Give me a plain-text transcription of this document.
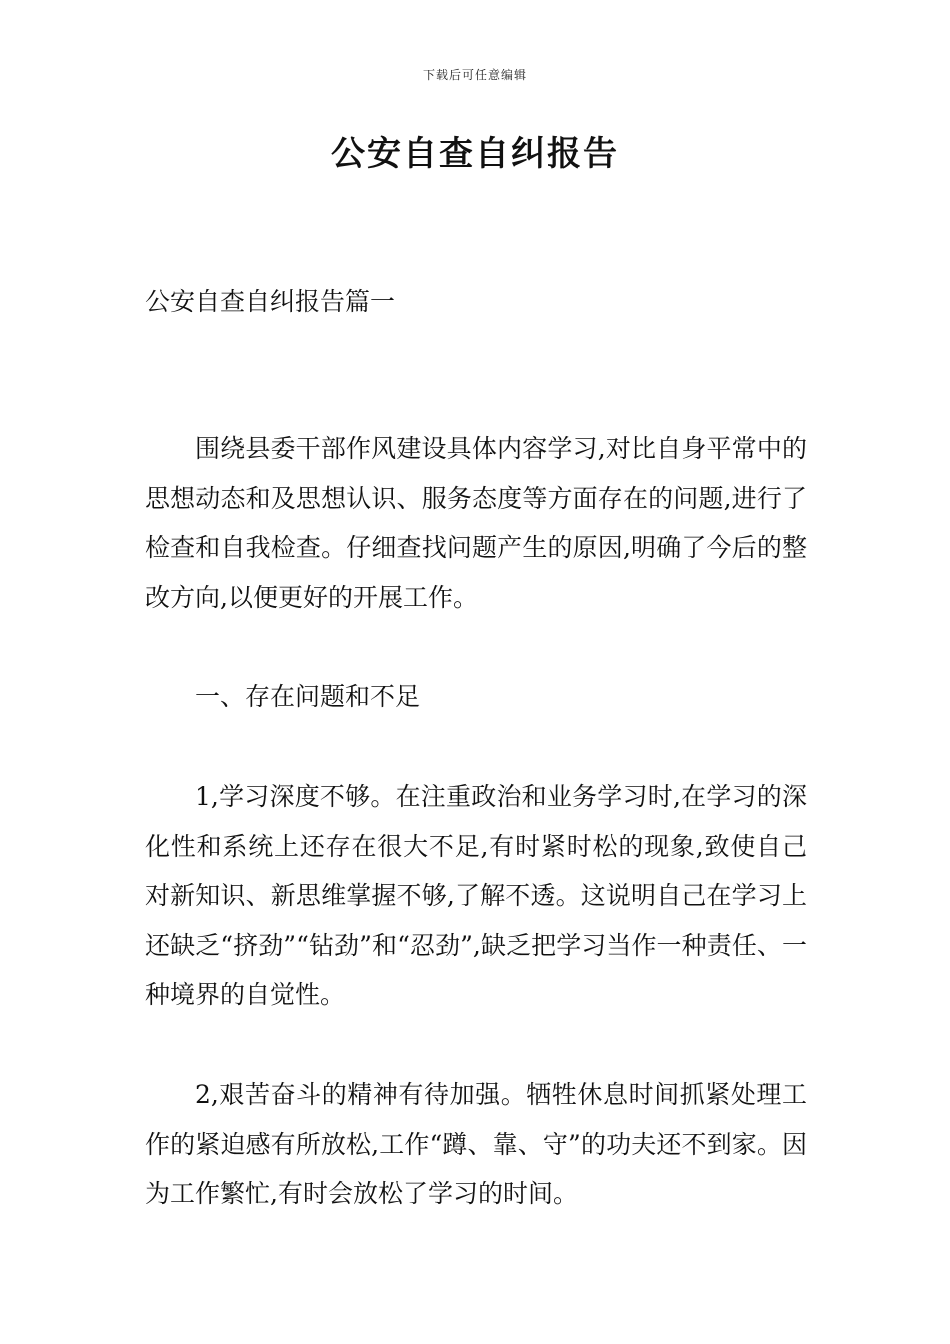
下载后可任意编辑
公安自查自纠报告

公安自查自纠报告篇一

围绕县委干部作风建设具体内容学习,对比自身平常中的思想动态和及思想认识、服务态度等方面存在的问题,进行了检查和自我检查。仔细查找问题产生的原因,明确了今后的整改方向,以便更好的开展工作。

一、存在问题和不足

1,学习深度不够。在注重政治和业务学习时,在学习的深化性和系统上还存在很大不足,有时紧时松的现象,致使自己对新知识、新思维掌握不够,了解不透。这说明自己在学习上还缺乏“挤劲”“钻劲”和“忍劲”,缺乏把学习当作一种责任、一种境界的自觉性。

2,艰苦奋斗的精神有待加强。牺牲休息时间抓紧处理工作的紧迫感有所放松,工作“蹲、靠、守”的功夫还不到家。因为工作繁忙,有时会放松了学习的时间。
